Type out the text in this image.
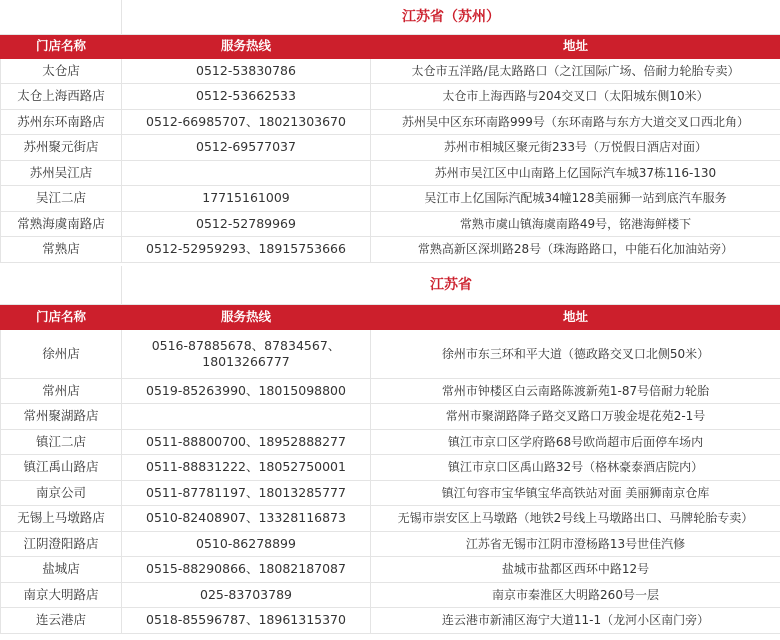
	江苏省（苏州）	
门店名称	服务热线	地址
太仓店	0512-53830786	太仓市五洋路/昆太路路口（之江国际广场、倍耐力轮胎专卖）
太仓上海西路店	0512-53662533	太仓市上海西路与204交叉口（太阳城东侧10米）
苏州东环南路店	0512-66985707、18021303670	苏州吴中区东环南路999号（东环南路与东方大道交叉口西北角）
苏州聚元街店	0512-69577037	苏州市相城区聚元街233号（万悦假日酒店对面）
苏州吴江店		苏州市吴江区中山南路上亿国际汽车城37栋116-130
吴江二店	17715161009	吴江市上亿国际汽配城34幢128美丽狮一站到底汽车服务
常熟海虞南路店	0512-52789969	常熟市虞山镇海虞南路49号，铭港海鲜楼下
常熟店	0512-52959293、18915753666	常熟高新区深圳路28号（珠海路路口，中能石化加油站旁）
	江苏省	
门店名称	服务热线	地址
徐州店	0516-87885678、87834567、18013266777	徐州市东三环和平大道（德政路交叉口北侧50米）
常州店	0519-85263990、18015098800	常州市钟楼区白云南路陈渡新苑1-87号倍耐力轮胎
常州聚湖路店		常州市聚湖路降子路交叉路口万骏金堤花苑2-1号
镇江二店	0511-88800700、18952888277	镇江市京口区学府路68号欧尚超市后面停车场内
镇江禹山路店	0511-88831222、18052750001	镇江市京口区禹山路32号（格林豪泰酒店院内）
南京公司	0511-87781197、18013285777	镇江句容市宝华镇宝华高铁站对面 美丽狮南京仓库
无锡上马墩路店	0510-82408907、13328116873	无锡市崇安区上马墩路（地铁2号线上马墩路出口、马牌轮胎专卖）
江阴澄阳路店	0510-86278899	江苏省无锡市江阴市澄杨路13号世佳汽修
盐城店	0515-88290866、18082187087	盐城市盐都区西环中路12号
南京大明路店	025-83703789	南京市秦淮区大明路260号一层
连云港店	0518-85596787、18961315370	连云港市新浦区海宁大道11-1（龙河小区南门旁）
